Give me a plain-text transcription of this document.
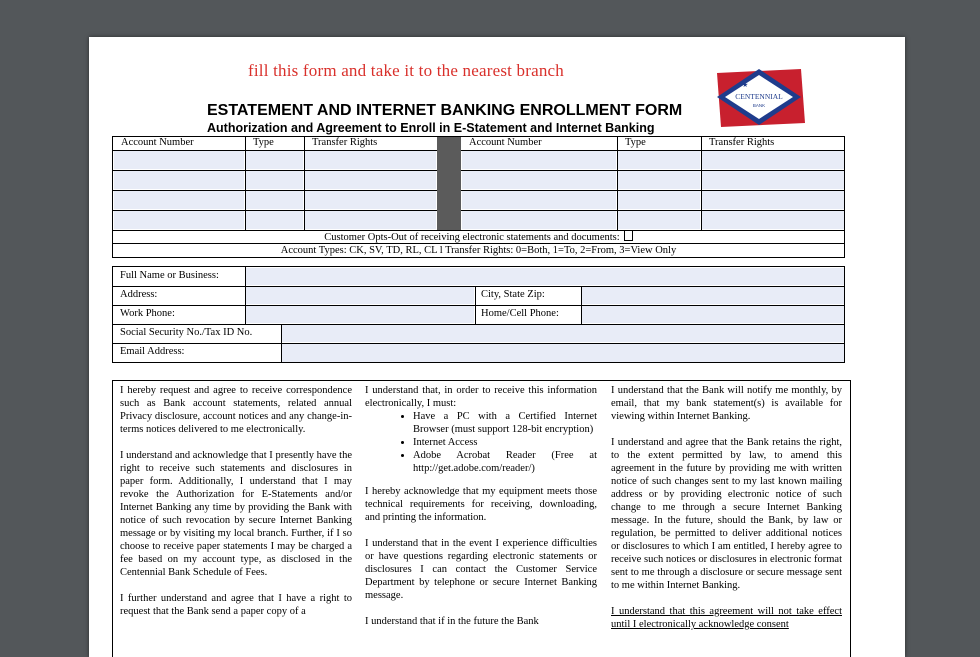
fill this form and take it to the nearest branch
★
CENTENNIAL
BANK
ESTATEMENT AND INTERNET BANKING ENROLLMENT FORM
Authorization and Agreement to Enroll in E-Statement and Internet Banking
Account Number	Type	Transfer Rights	Account Number	Type	Transfer Rights
Customer Opts-Out of receiving electronic statements and documents:
Account Types: CK, SV, TD, RL, CL l Transfer Rights: 0=Both, 1=To, 2=From, 3=View Only
Full Name or Business:
Address:	City, State Zip:
Work Phone:	Home/Cell Phone:
Social Security No./Tax ID No.
Email Address:

I hereby request and agree to receive correspondence such as Bank account statements, related annual Privacy disclosure, account notices and any change-in-terms notices delivered to me electronically.

I understand and acknowledge that I presently have the right to receive such statements and disclosures in paper form. Additionally, I understand that I may revoke the Authorization for E-Statements and/or Internet Banking any time by providing the Bank with notice of such revocation by secure Internet Banking message or by visiting my local branch. Further, if I so choose to receive paper statements I may be charged a fee based on my account type, as disclosed in the Centennial Bank Schedule of Fees.

I further understand and agree that I have a right to request that the Bank send a paper copy of a

I understand that, in order to receive this information electronically, I must:

• Have a PC with a Certified Internet Browser (must support 128-bit encryption)
• Internet Access
• Adobe Acrobat Reader (Free at http://get.adobe.com/reader/)

I hereby acknowledge that my equipment meets those technical requirements for receiving, downloading, and printing the information.

I understand that in the event I experience difficulties or have questions regarding electronic statements or disclosures I can contact the Customer Service Department by telephone or secure Internet Banking message.

I understand that if in the future the Bank

I understand that the Bank will notify me monthly, by email, that my bank statement(s) is available for viewing within Internet Banking.

I understand and agree that the Bank retains the right, to the extent permitted by law, to amend this agreement in the future by providing me with written notice of such changes sent to my last known mailing address or by providing electronic notice of such change to me through a secure Internet Banking message. In the future, should the Bank, by law or regulation, be permitted to deliver additional notices or disclosures to which I am entitled, I hereby agree to receive such notices or disclosures in electronic format sent to me through a disclosure or secure message sent to me within Internet Banking.

I understand that this agreement will not take effect until I electronically acknowledge consent
